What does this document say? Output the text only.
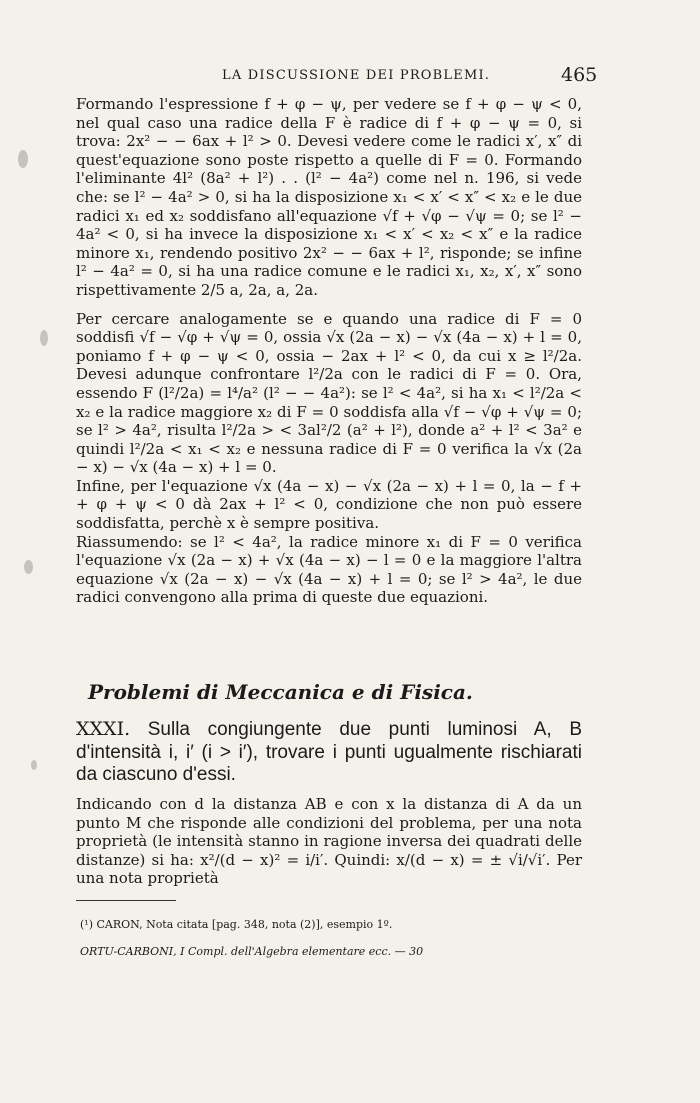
LA DISCUSSIONE DEI PROBLEMI.	465

Formando l'espressione f + φ − ψ, per vedere se f + φ − ψ < 0, nel qual caso una radice della F è radice di f + φ − ψ = 0, si trova: 2x² − − 6ax + l² > 0. Devesi vedere come le radici x′, x″ di quest'equazione sono poste rispetto a quelle di F = 0. Formando l'eliminante 4l² (8a² + l²) . . (l² − 4a²) come nel n. 196, si vede che: se l² − 4a² > 0, si ha la disposizione x₁ < x′ < x″ < x₂ e le due radici x₁ ed x₂ soddisfano all'equazione √f + √φ − √ψ = 0; se l² − 4a² < 0, si ha invece la disposizione x₁ < x′ < x₂ < x″ e la radice minore x₁, rendendo positivo 2x² − − 6ax + l², risponde; se infine l² − 4a² = 0, si ha una radice comune e le radici x₁, x₂, x′, x″ sono rispettivamente 2/5 a, 2a, a, 2a.

Per cercare analogamente se e quando una radice di F = 0 soddisfi √f − √φ + √ψ = 0, ossia √x (2a − x) − √x (4a − x) + l = 0, poniamo f + φ − ψ < 0, ossia − 2ax + l² < 0, da cui x ≥ l²/2a. Devesi adunque confrontare l²/2a con le radici di F = 0. Ora, essendo F (l²/2a) = l⁴/a² (l² − − 4a²): se l² < 4a², si ha x₁ < l²/2a < x₂ e la radice maggiore x₂ di F = 0 soddisfa alla √f − √φ + √ψ = 0; se l² > 4a², risulta l²/2a > < 3al²/2 (a² + l²), donde a² + l² < 3a² e quindi l²/2a < x₁ < x₂ e nessuna radice di F = 0 verifica la √x (2a − x) − √x (4a − x) + l = 0.

Infine, per l'equazione √x (4a − x) − √x (2a − x) + l = 0, la − f + + φ + ψ < 0 dà 2ax + l² < 0, condizione che non può essere soddisfatta, perchè x è sempre positiva.

Riassumendo: se l² < 4a², la radice minore x₁ di F = 0 verifica l'equazione √x (2a − x) + √x (4a − x) − l = 0 e la maggiore l'altra equazione √x (2a − x) − √x (4a − x) + l = 0; se l² > 4a², le due radici convengono alla prima di queste due equazioni.

Problemi di Meccanica e di Fisica.
XXXI. Sulla congiungente due punti luminosi A, B d'intensità i, i′ (i > i′), trovare i punti ugualmente rischiarati da ciascuno d'essi.

Indicando con d la distanza AB e con x la distanza di A da un punto M che risponde alle condizioni del problema, per una nota proprietà (le intensità stanno in ragione inversa dei quadrati delle distanze) si ha: x²/(d − x)² = i/i′. Quindi: x/(d − x) = ± √i/√i′. Per una nota proprietà

(¹) CARON, Nota citata [pag. 348, nota (2)], esempio 1º.
ORTU-CARBONI, I Compl. dell'Algebra elementare ecc. — 30
